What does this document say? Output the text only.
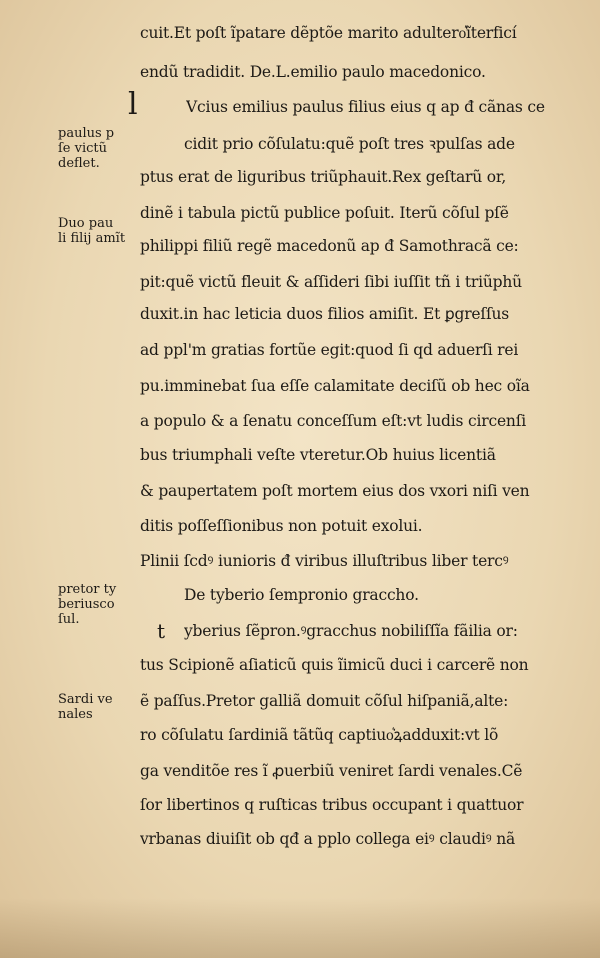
cuit.Et poſt ĩpatare dẽptõe marito adultero͛ĩterficí
endũ tradidit. De.L.emilio paulo macedonico.
l	Vcius emilius paulus filius eius q ap đ cãnas ce
cidit prio cõſulatu:quẽ poſt tres ꝛpulſas ade
ptus erat de liguribus triũphauit.Rex geſtarũ or,
dinẽ i tabula pictũ publice poſuit. Iterũ cõſul pſẽ
philippi filiũ regẽ macedonũ ap đ Samothracã ce:
pit:quẽ victũ fleuit & aſſideri ſibi iuſſit tñ i triũphũ
duxit.in hac leticia duos filios amiſit. Et ꝑgreſſus
ad ppl'm gratias fortũe egit:quod ſi qd aduerſi rei
pu.imminebat ſua eſſe calamitate deciſũ ob hec oĩa
a populo & a ſenatu conceſſum eſt:vt ludis circenſi
bus triumphali veſte vteretur.Ob huius licentiã
& paupertatem poſt mortem eius dos vxori niſi ven
ditis poſſeſſionibus non potuit exolui.
Plinii ſcdꝰ iunioris đ viribus illuſtribus liber tercꝰ
De tyberio ſempronio graccho.
t yberius ſẽpron.ꝰgracchus nobiliſſĩa fãilia or:
tus Scipionẽ aſiaticũ quis ĩimicũ duci i carcerẽ non
ẽ paſſus.Pretor galliã domuit cõſul hiſpaniã,alte:
ro cõſulatu ſardiniã tãtũq captiuo͛ꝝadduxit:vt lõ
ga venditõe res ĩ ꝓuerbiũ veniret ſardi venales.Cẽ
ſor libertinos q ruſticas tribus occupant i quattuor
vrbanas diuiſit ob qđ a pplo collega eiꝰ claudiꝰ nã
paulus p
ſe victũ
deflet.
Duo pau
li filij amĩt
pretor ty
beriusco
ſul.
Sardi ve
nales
